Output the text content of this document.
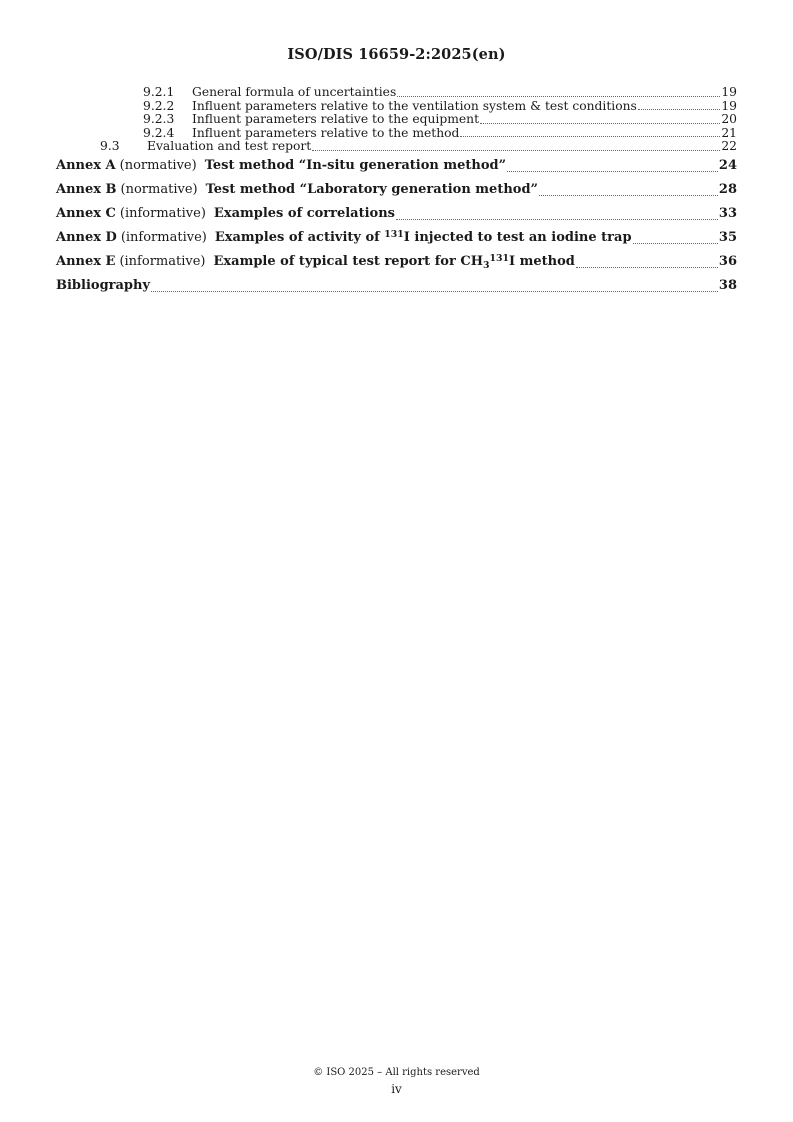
ISO/DIS 16659-2:2025(en)
9.2.1	General formula of uncertainties	19
9.2.2	Influent parameters relative to the ventilation system & test conditions	19
9.2.3	Influent parameters relative to the equipment	20
9.2.4	Influent parameters relative to the method	21
9.3	Evaluation and test report	22
Annex A (normative) Test method “In-situ generation method”	24
Annex B (normative) Test method “Laboratory generation method”	28
Annex C (informative) Examples of correlations	33
Annex D (informative) Examples of activity of $^{131}$I injected to test an iodine trap	35
Annex E (informative) Example of typical test report for $CH_3^{131}I$ method	36
Bibliography	38
© ISO 2025 – All rights reserved
iv
